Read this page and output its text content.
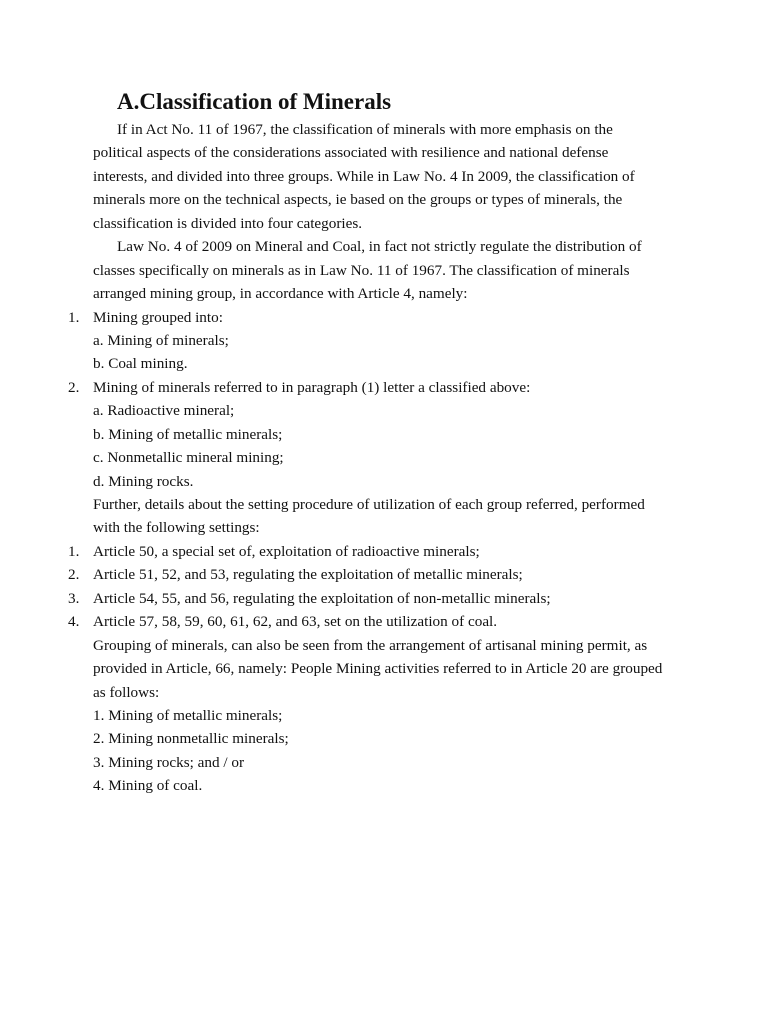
A.Classification of Minerals
If in Act No. 11 of 1967, the classification of minerals with more emphasis on the
political aspects of the considerations associated with resilience and national defense
interests, and divided into three groups. While in Law No. 4 In 2009, the classification of
minerals more on the technical aspects, ie based on the groups or types of minerals, the
classification is divided into four categories.
Law No. 4 of 2009 on Mineral and Coal, in fact not strictly regulate the distribution of
classes specifically on minerals as in Law No. 11 of 1967. The classification of minerals
arranged mining group, in accordance with Article 4, namely:
1. Mining grouped into:
a. Mining of minerals;
b. Coal mining.
2. Mining of minerals referred to in paragraph (1) letter a classified above:
a. Radioactive mineral;
b. Mining of metallic minerals;
c. Nonmetallic mineral mining;
d. Mining rocks.
Further, details about the setting procedure of utilization of each group referred, performed
with the following settings:
1. Article 50, a special set of, exploitation of radioactive minerals;
2. Article 51, 52, and 53, regulating the exploitation of metallic minerals;
3. Article 54, 55, and 56, regulating the exploitation of non-metallic minerals;
4. Article 57, 58, 59, 60, 61, 62, and 63, set on the utilization of coal.
Grouping of minerals, can also be seen from the arrangement of artisanal mining permit, as
provided in Article, 66, namely: People Mining activities referred to in Article 20 are grouped
as follows:
1. Mining of metallic minerals;
2. Mining nonmetallic minerals;
3. Mining rocks; and / or
4. Mining of coal.
